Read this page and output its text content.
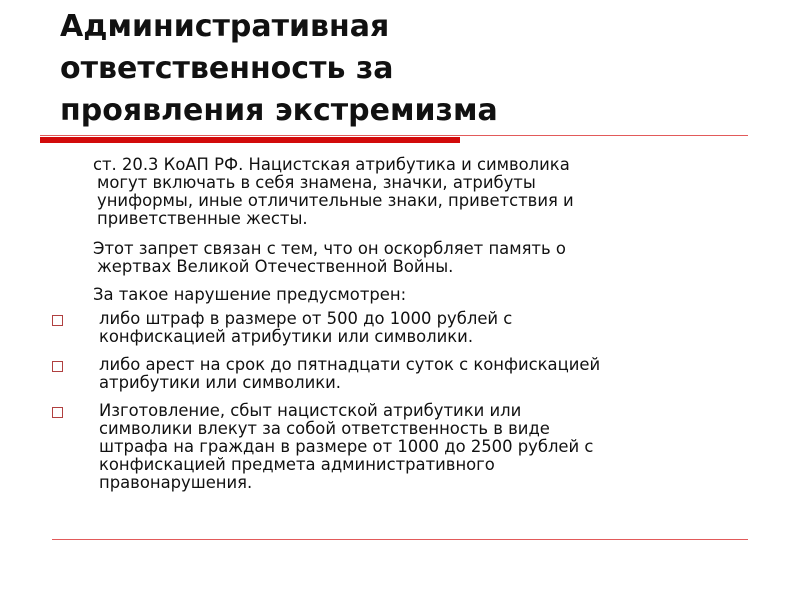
Административная
ответственность за
проявления экстремизма
ст. 20.3 КоАП РФ. Нацистская атрибутика и символика
могут включать в себя знамена, значки, атрибуты
униформы, иные отличительные знаки, приветствия и
приветственные жесты.
Этот запрет связан с тем, что он оскорбляет память о
жертвах Великой Отечественной Войны.
За такое нарушение предусмотрен:
либо штраф в размере от 500 до 1000 рублей с
конфискацией атрибутики или символики.
либо арест на срок до пятнадцати суток с конфискацией
атрибутики или символики.
Изготовление, сбыт нацистской атрибутики или
символики влекут за собой ответственность в виде
штрафа на граждан в размере от 1000 до 2500 рублей с
конфискацией предмета административного
правонарушения.
